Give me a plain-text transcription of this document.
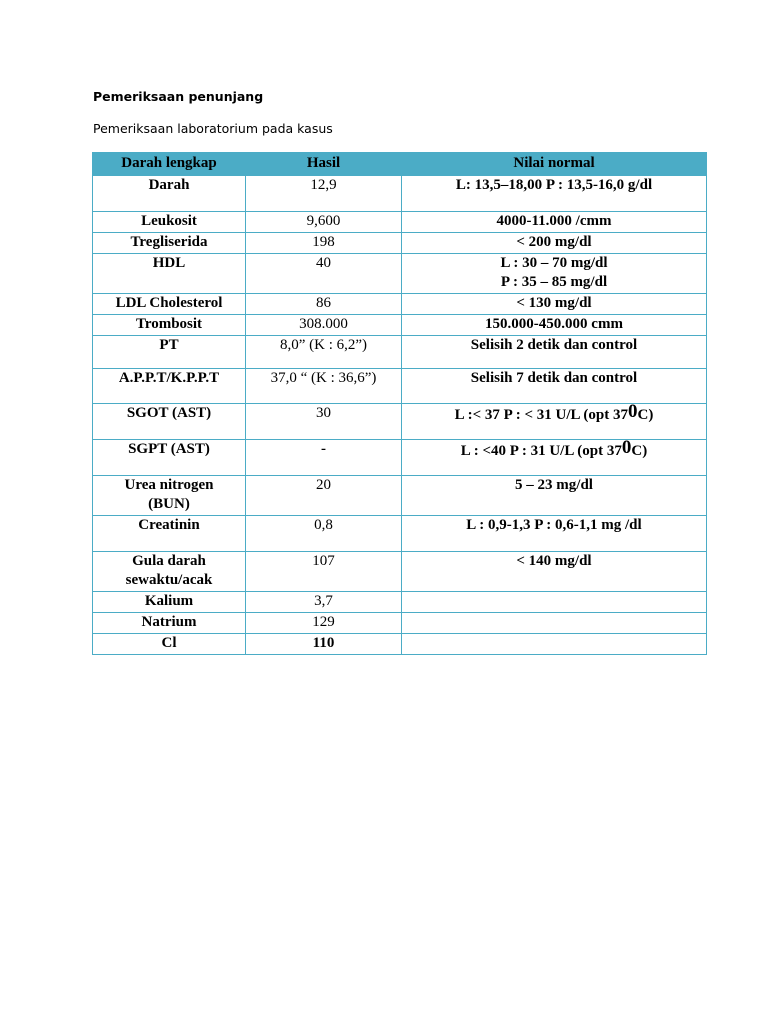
Pemeriksaan penunjang
Pemeriksaan laboratorium pada kasus
Darah lengkap	Hasil	Nilai normal
Darah	12,9	L: 13,5–18,00 P : 13,5-16,0 g/dl
Leukosit	9,600	4000-11.000 /cmm
Tregliserida	198	< 200 mg/dl
HDL	40	L : 30 – 70 mg/dl
P : 35 – 85 mg/dl

LDL Cholesterol	86	< 130 mg/dl
Trombosit	308.000	150.000-450.000 cmm
PT	8,0” (K : 6,2”)	Selisih 2 detik dan control
A.P.P.T/K.P.P.T	37,0 “ (K : 36,6”)	Selisih 7 detik dan control
SGOT (AST)	30	L :< 37 P : < 31 U/L (opt 370C)
SGPT (AST)	-	L : <40 P : 31 U/L (opt 370C)

Urea nitrogen
(BUN)	20	5 – 23 mg/dl
Creatinin	0,8	L : 0,9-1,3 P : 0,6-1,1 mg /dl

Gula darah
sewaktu/acak	107	< 140 mg/dl
Kalium	3,7	
Natrium	129	
Cl	110	
